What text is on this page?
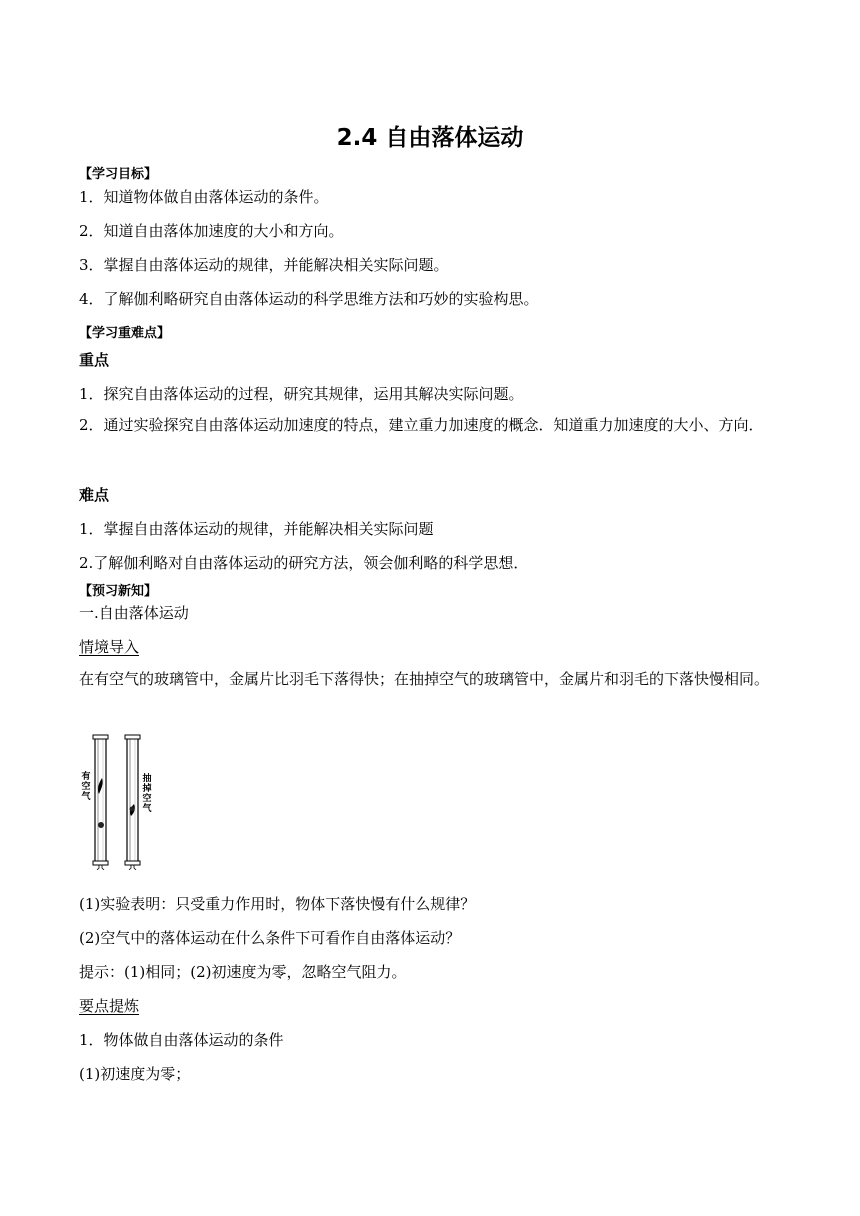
2.4 自由落体运动
【学习目标】
1．知道物体做自由落体运动的条件。
2．知道自由落体加速度的大小和方向。
3．掌握自由落体运动的规律，并能解决相关实际问题。
4．了解伽利略研究自由落体运动的科学思维方法和巧妙的实验构思。
【学习重难点】
重点
1．探究自由落体运动的过程，研究其规律，运用其解决实际问题。
2．通过实验探究自由落体运动加速度的特点，建立重力加速度的概念．知道重力加速度的大小、方向．
难点
1．掌握自由落体运动的规律，并能解决相关实际问题
2.了解伽利略对自由落体运动的研究方法，领会伽利略的科学思想．
【预习新知】
一.自由落体运动
情境导入
在有空气的玻璃管中，金属片比羽毛下落得快；在抽掉空气的玻璃管中，金属片和羽毛的下落快慢相同。
有空气
抽掉空气
(1)实验表明：只受重力作用时，物体下落快慢有什么规律？
(2)空气中的落体运动在什么条件下可看作自由落体运动？
提示：(1)相同；(2)初速度为零，忽略空气阻力。
要点提炼
1．物体做自由落体运动的条件
(1)初速度为零；
